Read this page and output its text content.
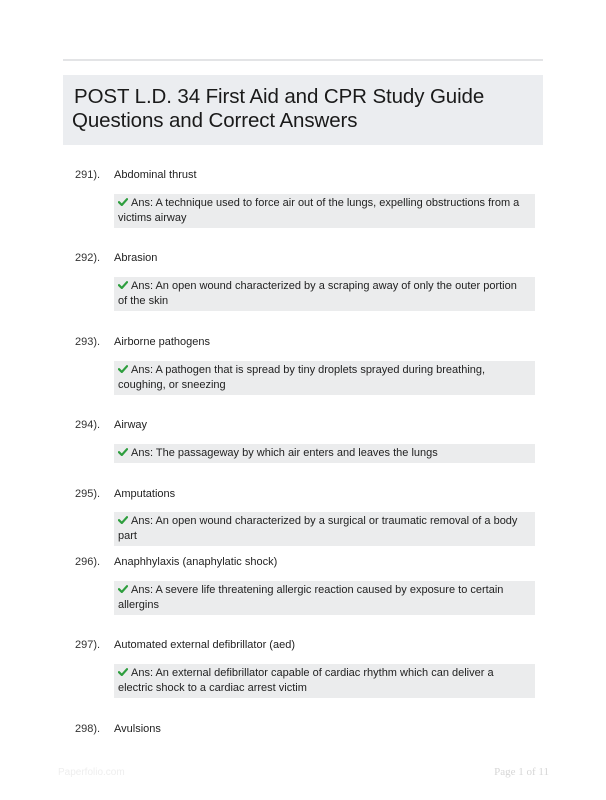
POST L.D. 34 First Aid and CPR Study Guide
Questions and Correct Answers
291). Abdominal thrust
Ans: A technique used to force air out of the lungs, expelling obstructions from a victims airway
292). Abrasion
Ans: An open wound characterized by a scraping away of only the outer portion of the skin
293). Airborne pathogens
Ans: A pathogen that is spread by tiny droplets sprayed during breathing, coughing, or sneezing
294). Airway
Ans: The passageway by which air enters and leaves the lungs
295). Amputations
Ans: An open wound characterized by a surgical or traumatic removal of a body part
296). Anaphhylaxis (anaphylatic shock)
Ans: A severe life threatening allergic reaction caused by exposure to certain allergins
297). Automated external defibrillator (aed)
Ans: An external defibrillator capable of cardiac rhythm which can deliver a electric shock to a cardiac arrest victim
298). Avulsions
Paperfolio.com	Page 1 of 11
